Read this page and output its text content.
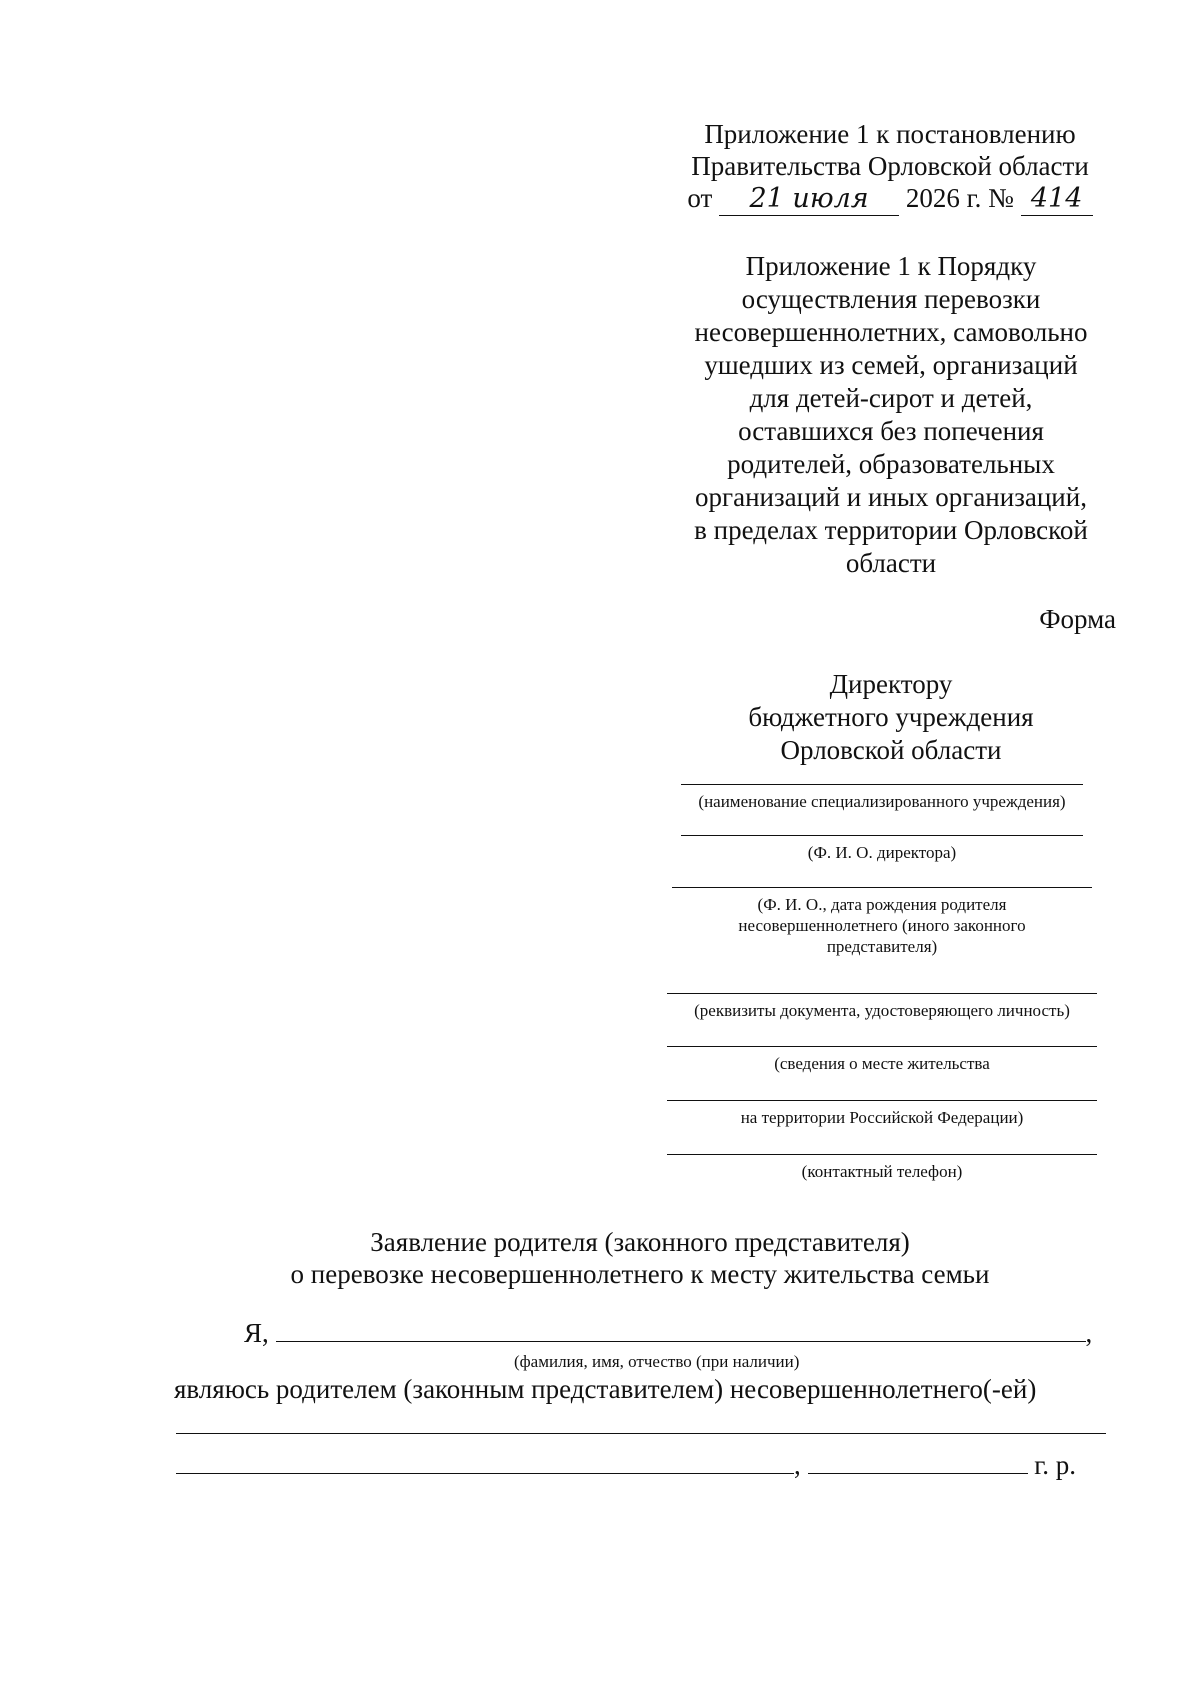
Приложение 1 к постановлению
Правительства Орловской области
от 21 июля 2026 г. № 414
Приложение 1 к Порядку
осуществления перевозки
несовершеннолетних, самовольно
ушедших из семей, организаций
для детей-сирот и детей,
оставшихся без попечения
родителей, образовательных
организаций и иных организаций,
в пределах территории Орловской
области
Форма
Директору
бюджетного учреждения
Орловской области
(наименование специализированного учреждения)
(Ф. И. О. директора)
(Ф. И. О., дата рождения родителя
несовершеннолетнего (иного законного
представителя)
(реквизиты документа, удостоверяющего личность)
(сведения о месте жительства
на территории Российской Федерации)
(контактный телефон)
Заявление родителя (законного представителя)
о перевозке несовершеннолетнего к месту жительства семьи
Я,	,
(фамилия, имя, отчество (при наличии)
являюсь родителем (законным представителем) несовершеннолетнего(-ей)
,	г. р.
